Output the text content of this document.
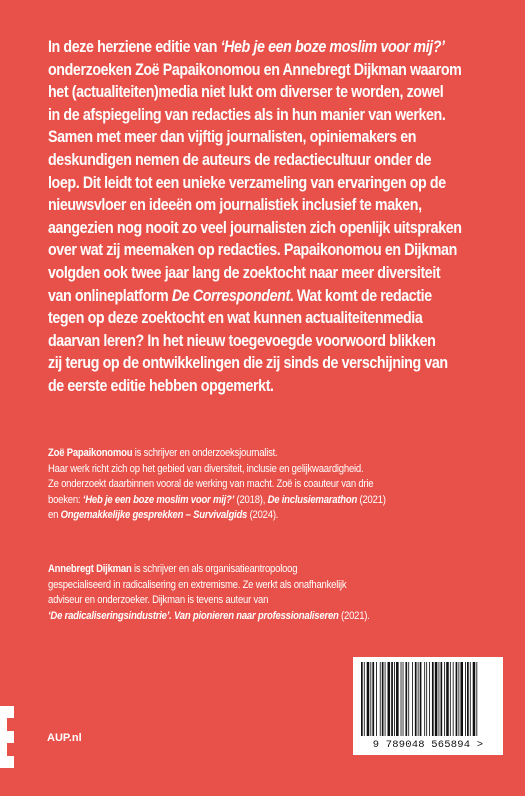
In deze herziene editie van ‘Heb je een boze moslim voor mij?’
onderzoeken Zoë Papaikonomou en Annebregt Dijkman waarom
het (actualiteiten)media niet lukt om diverser te worden, zowel
in de afspiegeling van redacties als in hun manier van werken.
Samen met meer dan vijftig journalisten, opiniemakers en
deskundigen nemen de auteurs de redactiecultuur onder de
loep. Dit leidt tot een unieke verzameling van ervaringen op de
nieuwsvloer en ideeën om journalistiek inclusief te maken,
aangezien nog nooit zo veel journalisten zich openlijk uitspraken
over wat zij meemaken op redacties. Papaikonomou en Dijkman
volgden ook twee jaar lang de zoektocht naar meer diversiteit
van onlineplatform De Correspondent. Wat komt de redactie
tegen op deze zoektocht en wat kunnen actualiteitenmedia
daarvan leren? In het nieuw toegevoegde voorwoord blikken
zij terug op de ontwikkelingen die zij sinds de verschijning van
de eerste editie hebben opgemerkt.
Zoë Papaikonomou is schrijver en onderzoeksjournalist.
Haar werk richt zich op het gebied van diversiteit, inclusie en gelijkwaardigheid.
Ze onderzoekt daarbinnen vooral de werking van macht. Zoë is coauteur van drie
boeken: ‘Heb je een boze moslim voor mij?’ (2018), De inclusiemarathon (2021)
en Ongemakkelijke gesprekken – Survivalgids (2024).
Annebregt Dijkman is schrijver en als organisatieantropoloog
gespecialiseerd in radicalisering en extremisme. Ze werkt als onafhankelijk
adviseur en onderzoeker. Dijkman is tevens auteur van
‘De radicaliseringsindustrie’. Van pionieren naar professionaliseren (2021).
AUP.nl
9 789048 565894 >
